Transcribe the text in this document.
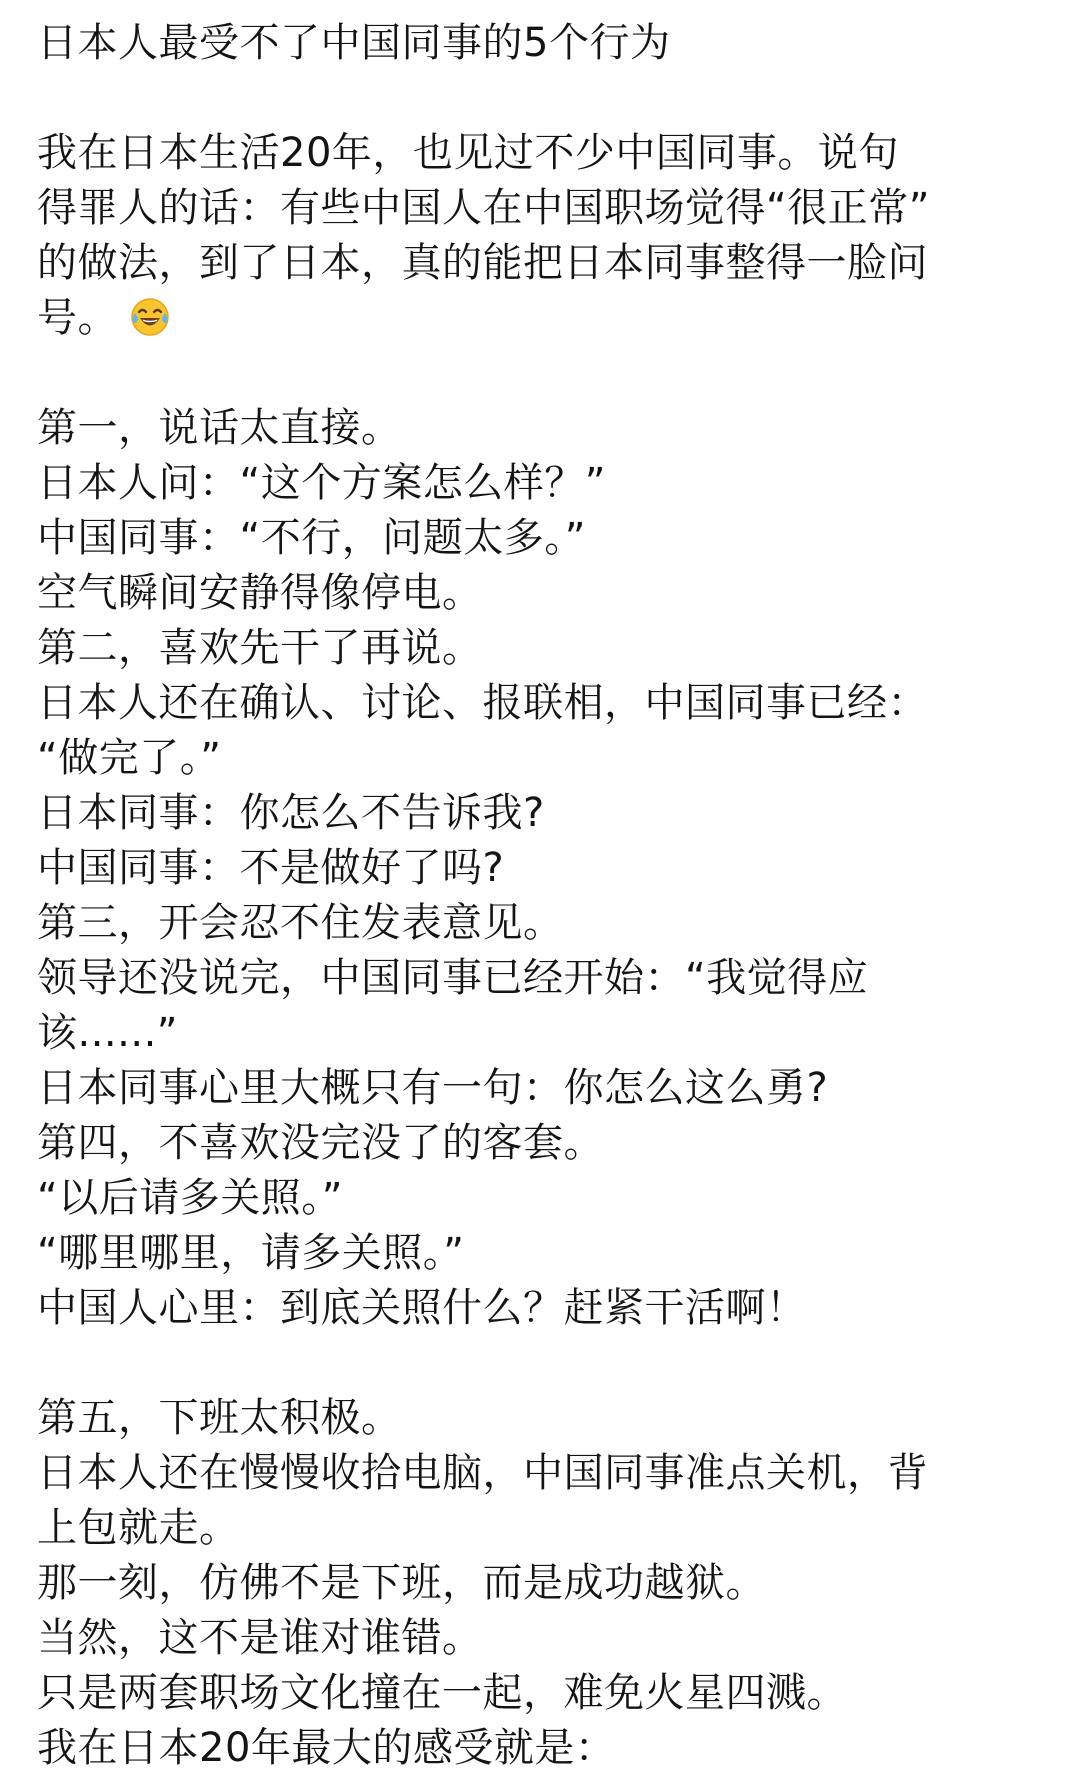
日本人最受不了中国同事的5个行为
我在日本生活20年，也见过不少中国同事。说句
得罪人的话：有些中国人在中国职场觉得“很正常”
的做法，到了日本，真的能把日本同事整得一脸问
号。
第一，说话太直接。
日本人问：“这个方案怎么样？”
中国同事：“不行，问题太多。”
空气瞬间安静得像停电。
第二，喜欢先干了再说。
日本人还在确认、讨论、报联相，中国同事已经：
“做完了。”
日本同事：你怎么不告诉我?
中国同事：不是做好了吗?
第三，开会忍不住发表意见。
领导还没说完，中国同事已经开始：“我觉得应
该......”
日本同事心里大概只有一句：你怎么这么勇?
第四，不喜欢没完没了的客套。
“以后请多关照。”
“哪里哪里，请多关照。”
中国人心里：到底关照什么？赶紧干活啊！
第五，下班太积极。
日本人还在慢慢收拾电脑，中国同事准点关机，背
上包就走。
那一刻，仿佛不是下班，而是成功越狱。
当然，这不是谁对谁错。
只是两套职场文化撞在一起，难免火星四溅。
我在日本20年最大的感受就是：
